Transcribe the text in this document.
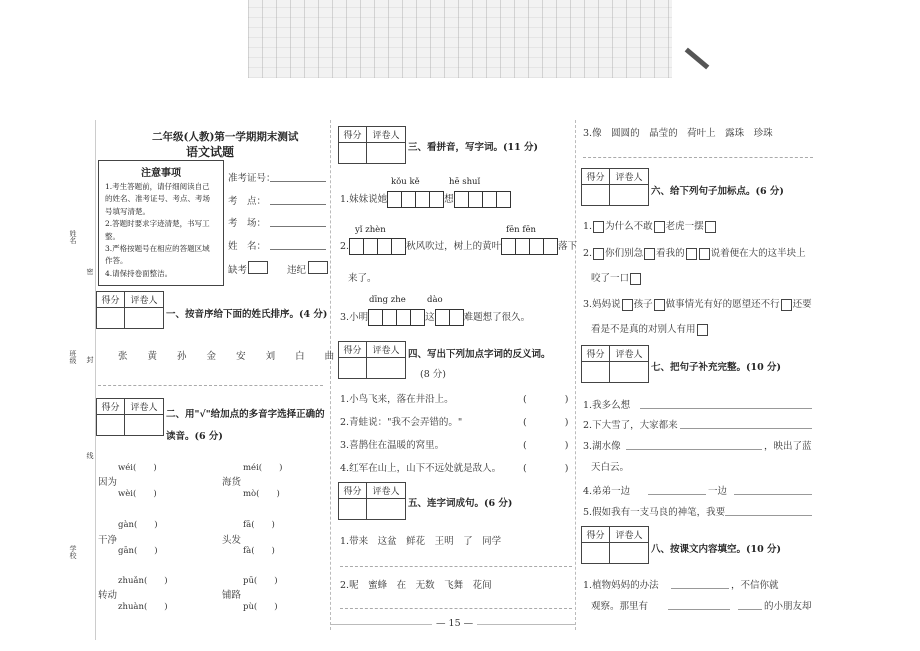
姓名
密
班级 封
线
学校
二年级(人教)第一学期期末测试
语文试题
注意事项
1.考生答题前，请仔细阅读自己的姓名、准考证号、考点、考场号填写清楚。
2.答题时要求字迹清楚，书写工整。
3.严格按题号在相应的答题区域作答。
4.请保持卷面整洁。
准考证号：
考　点：
考　场：
姓　名：
缺考	违纪
得分	评卷人
一、按音序给下面的姓氏排序。(4 分)
张 黄 孙 金 安 刘 白 曲
得分	评卷人
二、用"√"给加点的多音字选择正确的读音。(6 分)
wéi(　　)
因为
wèi(　　)
méi(　　)
海货
mò(　　)
gàn(　　)
干净
gān(　　)
fā(　　)
头发
fà(　　)
zhuǎn(　　)
转动
zhuàn(　　)
pū(　　)
铺路
pù(　　)
得分	评卷人
三、看拼音，写字词。(11 分)
kǒu kě	hē shuǐ
1.妹妹说她	想
yǐ zhèn	fēn fēn
2.	秋风吹过，树上的黄叶	落下
来了。
dīng zhe dào
3.小明	这	难题想了很久。
得分	评卷人 四、写出下列加点字词的反义词。
(8 分)
1.小鸟飞来，落在井沿上。	(　　　　)
2.青蛙说："我不会弄错的。"	(　　　　)
3.喜鹊住在温暖的窝里。	(　　　　)
4.红军在山上，山下不远处就是敌人。 (　　　　)
得分	评卷人
五、连字词成句。(6 分)
1.带来　这盆　鲜花　王明　了　同学
2.呢　蜜蜂　在　无数　飞舞　花间
3.像　圆圆的　晶莹的　荷叶上　露珠　珍珠
得分	评卷人
六、给下列句子加标点。(6 分)
1. 为什么不敢 老虎一摆
2. 你们别急 看我的	说着便在大的这半块上
咬了一口
3.妈妈说 孩子 做事情光有好的愿望还不行 还要
看是不是真的对别人有用
得分	评卷人
七、把句子补充完整。(10 分)
1.我多么想
2.下大雪了，大家都来
3.湖水像	，映出了蓝
天白云。
4.弟弟一边	一边
5.假如我有一支马良的神笔，我要
得分	评卷人
八、按课文内容填空。(10 分)
1.植物妈妈的办法	，不信你就
观察。那里有	的小朋友却
— 15 —
